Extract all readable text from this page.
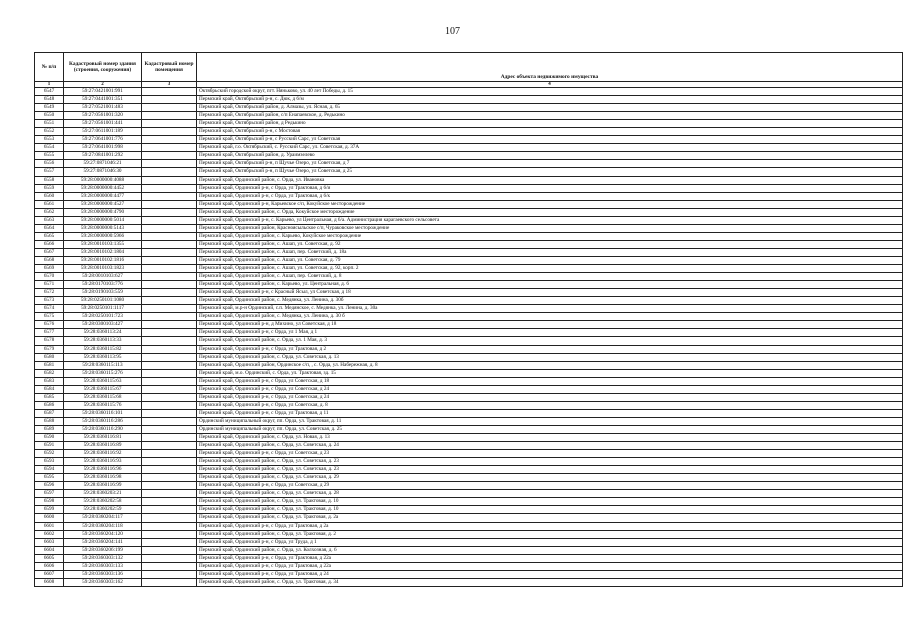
107
№ п/п	Кадастровый номер здания (строения, сооружения)	Кадастровый номер помещения	Адрес объекта недвижимого имущества
1	2	3	4
6547	59:27:0421001:991		Октябрьский городской округ, пгт. Няньково, ул. 40 лет Победы, д. 15
6548	59:27:0441001:351		Пермский край, Октябрьский р-н, с. Дюк, д 6/м
6549	59:27:0521001:483		Пермский край, Октябрьский район, д. Алмазы, ул. Ясная, д. 65
6550	59:27:0561001:320		Пермский край, Октябрьский район, с/п Енапаевское, д. Редькино
6551	59:27:0561001:441		Пермский край, Октябрьский район, д Редькино
6552	59:27:0611001:189		Пермский край, Октябрьский р-н, с Мостовая
6553	59:27:0641001:776		Пермский край, Октябрьский р-н, с Русский Сарс, ул Советская
6554	59:27:0641001:998		Пермский край, г.о. Октябрьский, с. Русский Сарс, ул. Советская, д. 37А
6555	59:27:0841001:292		Пермский край, Октябрьский район, д. Ураимзелево
6556	59:27:0871046:21		Пермский край, Октябрьский р-н, п Щучье Озеро, ул Советская, д 7
6557	59:27:0871046:30		Пермский край, Октябрьский р-н, п Щучье Озеро, ул Советская, д 25
6558	59:28:0000000:4088		Пермский край, Ординский район, с. Орда, ул. Ивановка
6559	59:28:0000000:4452		Пермский край, Ординский р-н, с Орда, ул Трактовая, д 6/и
6560	59:28:0000000:4477		Пермский край, Ординский р-н, с Орда, ул Трактовая, д 6/к
6561	59:28:0000000:4527		Пермский край, Ординский р-н, Карьевское с/п, Кокуйское месторождение
6562	59:28:0000000:4790		Пермский край, Ординский район, с. Орда, Кокуйское месторождение
6563	59:28:0000000:5014		Пермский край, Ординский р-н, с. Карьево, ул Центральная, д 6/а. Администрация карагаевского сельсовета
6564	59:28:0000000:5143		Пермский край, Ординский район, Красноясыльское с/п, Чураковское месторождение
6565	59:28:0000000:5966		Пермский край, Ординский район, с. Карьево, Кокуйское месторождение
6566	59:28:0010103:1355		Пермский край, Ординский район, с. Ашап, ул. Советская, д. 92
6567	59:28:0010102:1804		Пермский край, Ординский район, с. Ашап, пер. Советский, д. 18а
6568	59:28:0010102:1816		Пермский край, Ординский район, с. Ашап, ул. Советская, д. 79
6569	59:28:0010103:1823		Пермский край, Ординский район, с. Ашап, ул. Советская, д. 92, корп. 2
6570	59:28:0010103:627		Пермский край, Ординский район, с. Ашап, пер. Советский, д. 8
6571	59:28:0170103:776		Пермский край, Ординский район, с. Карьево, ул. Центральная, д. 6
6572	59:28:0190103:559		Пермский край, Ординский р-н, с Красный Ясыл, ул Советская, д 18
6573	59:28:0250101:1080		Пермский край, Ординский район, с. Медянка, ул. Ленина, д. 30б
6574	59:28:0250101:1117		Пермский край, м.р-н Ординский, с.п. Медянское, с. Медянка, ул. Ленина, д. 30а
6575	59:28:0250101:723		Пермский край, Ординский район, с. Медянка, ул. Ленина, д. 30 б
6576	59:28:0300103:427		Пермский край, Ординский р-н, д Михино, ул Советская, д 18
6577	59:28:0360113:24		Пермский край, Ординский р-н, с Орда, ул 1 Мая, д 1
6578	59:28:0360113:33		Пермский край, Ординский район, с. Орда, ул. 1 Мая, д. 3
6579	59:28:0360115:82		Пермский край, Ординский р-н, с Орда, ул Трактовая, д 2
6580	59:28:0360113:95		Пермский край, Ординский район, с. Орда, ул. Советская, д. 13
6581	59:28:0360115:113		Пермский край, Ординский район, Ординское с/п, , с. Орда, ул. Набережная, д. 8
6582	59:28:0360115:276		Пермский край, м.о. Ординский, с. Орда, ул. Трактовая, зд. 15
6583	59:28:0360115:63		Пермский край, Ординский р-н, с Орда, ул Советская, д 18
6584	59:28:0360115:67		Пермский край, Ординский р-н, с Орда, ул Советская, д 24
6585	59:28:0360115:68		Пермский край, Ординский р-н, с Орда, ул Советская, д 24
6586	59:28:0360115:76		Пермский край, Ординский р-н, с Орда, ул Советская, д. 8
6587	59:28:0360116:101		Пермский край, Ординский р-н, с Орда, ул Трактовая, д 11
6588	59:28:0360116:286		Ординский муниципальный округ, пп. Орда, ул. Трактовая, д. 11
6589	59:28:0360116:290		Ординский муниципальный округ, пп. Орда, ул. Советская, д. 25
6590	59:28:0360116:81		Пермский край, Ординский район, с. Орда, ул. Новая, д. 13
6591	59:28:0360116:89		Пермский край, Ординский район, с. Орда, ул. Советская, д. 24
6592	59:28:0360116:92		Пермский край, Ординский р-н, с Орда, ул Советская, д 23
6593	59:28:0360116:93		Пермский край, Ординский район, с. Орда, ул. Советская, д. 23
6594	59:28:0360116:96		Пермский край, Ординский район, с. Орда, ул. Советская, д. 23
6595	59:28:0360116:98		Пермский край, Ординский район, с. Орда, ул. Советская, д. 29
6596	59:28:0360116:99		Пермский край, Ординский р-н, с Орда, ул Советская, д 29
6597	59:28:0360203:21		Пермский край, Ординский район, с. Орда, ул. Советская, д. 28
6598	59:28:0360202:58		Пермский край, Ординский район, с. Орда, ул. Трактовая, д. 10
6599	59:28:0360202:59		Пермский край, Ординский район, с. Орда, ул. Трактовая, д. 10
6600	59:28:0360204:117		Пермский край, Ординский район, с. Орда, ул. Трактовая, д. 2а
6601	59:28:0360204:118		Пермский край, Ординский р-н, с Орда, ул Трактовая, д 2а
6602	59:28:0360204:120		Пермский край, Ординский район, с. Орда, ул. Трактовая, д. 2
6603	59:28:0360204:141		Пермский край, Ординский р-н, с Орда, ул Труда, д 1
6604	59:28:0360206:199		Пермский край, Ординский район, с. Орда, ул. Колхозная, д. 6
6605	59:28:0360303:132		Пермский край, Ординский р-н, с Орда, ул Трактовая, д 22а
6606	59:28:0360303:133		Пермский край, Ординский р-н, с Орда, ул Трактовая, д 22а
6607	59:28:0360303:136		Пермский край, Ординский р-н, с Орда, ул Трактовая, д 24
6608	59:28:0360303:162		Пермский край, Ординский район, с. Орда, ул. Трактовая, д. 34
